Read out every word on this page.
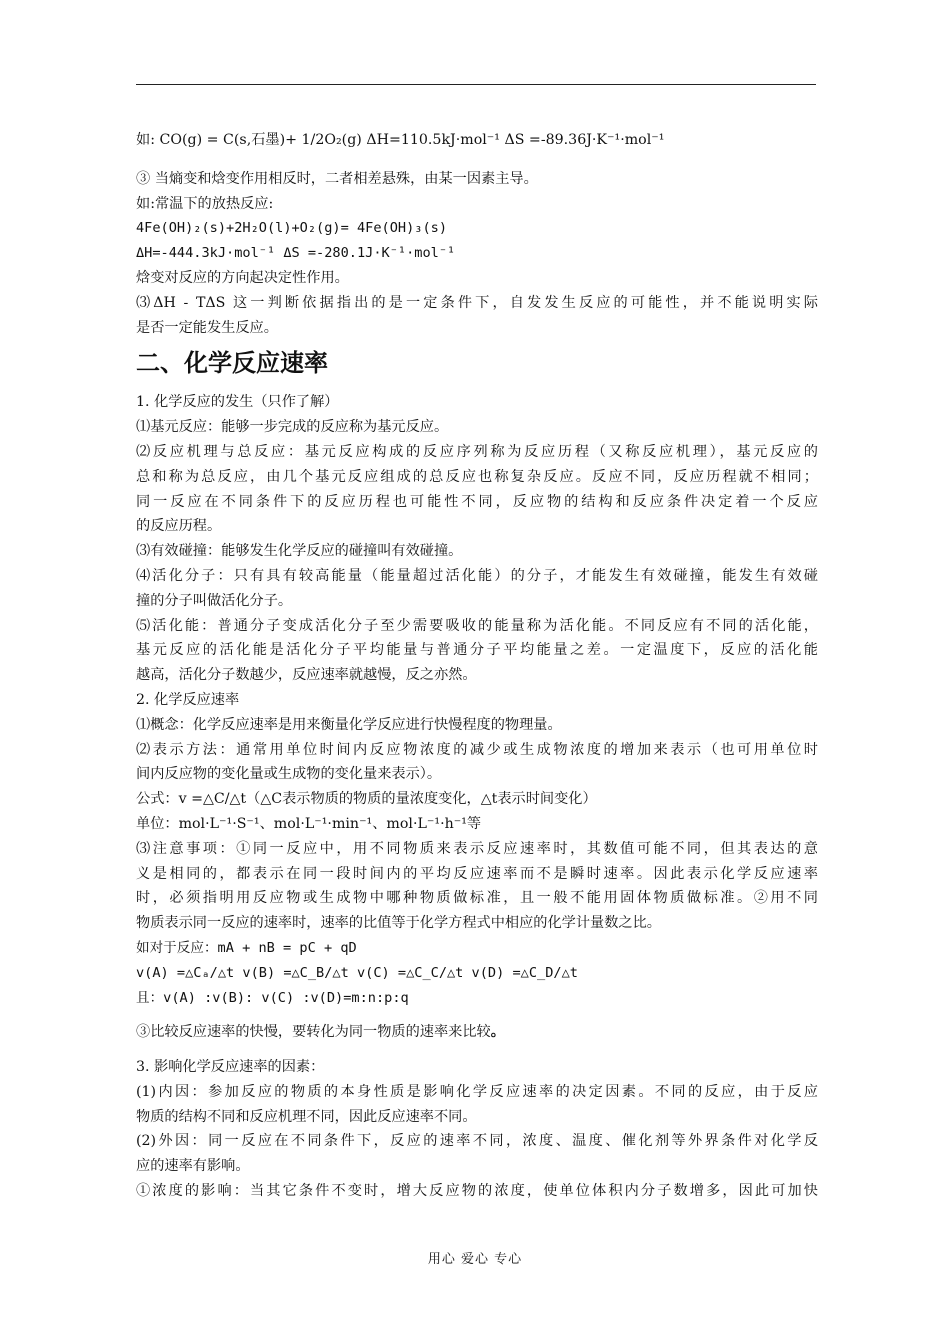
如: CO(g) = C(s,石墨)+ 1/2O₂(g) ΔH=110.5kJ·mol⁻¹ ΔS =-89.36J·K⁻¹·mol⁻¹
③ 当熵变和焓变作用相反时，二者相差悬殊，由某一因素主导。
如:常温下的放热反应:
4Fe(OH)₂(s)+2H₂O(l)+O₂(g)= 4Fe(OH)₃(s)
ΔH=-444.3kJ·mol⁻¹ ΔS =-280.1J·K⁻¹·mol⁻¹
焓变对反应的方向起决定性作用。
⑶ΔH - TΔS 这一判断依据指出的是一定条件下，自发发生反应的可能性，并不能说明实际
是否一定能发生反应。
二、化学反应速率
1. 化学反应的发生（只作了解）
⑴基元反应：能够一步完成的反应称为基元反应。
⑵反应机理与总反应：基元反应构成的反应序列称为反应历程（又称反应机理），基元反应的
总和称为总反应，由几个基元反应组成的总反应也称复杂反应。反应不同，反应历程就不相同；
同一反应在不同条件下的反应历程也可能性不同，反应物的结构和反应条件决定着一个反应
的反应历程。
⑶有效碰撞：能够发生化学反应的碰撞叫有效碰撞。
⑷活化分子：只有具有较高能量（能量超过活化能）的分子，才能发生有效碰撞，能发生有效碰
撞的分子叫做活化分子。
⑸活化能：普通分子变成活化分子至少需要吸收的能量称为活化能。不同反应有不同的活化能，
基元反应的活化能是活化分子平均能量与普通分子平均能量之差。一定温度下，反应的活化能
越高，活化分子数越少，反应速率就越慢，反之亦然。
2. 化学反应速率
⑴概念：化学反应速率是用来衡量化学反应进行快慢程度的物理量。
⑵表示方法：通常用单位时间内反应物浓度的减少或生成物浓度的增加来表示（也可用单位时
间内反应物的变化量或生成物的变化量来表示）。
公式：v =△C/△t（△C表示物质的物质的量浓度变化，△t表示时间变化）
单位：mol·L⁻¹·S⁻¹、mol·L⁻¹·min⁻¹、mol·L⁻¹·h⁻¹等
⑶注意事项：①同一反应中，用不同物质来表示反应速率时，其数值可能不同，但其表达的意
义是相同的，都表示在同一段时间内的平均反应速率而不是瞬时速率。因此表示化学反应速率
时，必须指明用反应物或生成物中哪种物质做标准，且一般不能用固体物质做标准。②用不同
物质表示同一反应的速率时，速率的比值等于化学方程式中相应的化学计量数之比。
如对于反应：mA + nB = pC + qD
v(A) =△Cₐ/△t v(B) =△C_B/△t v(C) =△C_C/△t v(D) =△C_D/△t
且：v(A) :v(B): v(C) :v(D)=m:n:p:q
③比较反应速率的快慢，要转化为同一物质的速率来比较。
3. 影响化学反应速率的因素：
(1)内因：参加反应的物质的本身性质是影响化学反应速率的决定因素。不同的反应，由于反应
物质的结构不同和反应机理不同，因此反应速率不同。
(2)外因：同一反应在不同条件下，反应的速率不同，浓度、温度、催化剂等外界条件对化学反
应的速率有影响。
①浓度的影响：当其它条件不变时，增大反应物的浓度，使单位体积内分子数增多，因此可加快
用心 爱心 专心
